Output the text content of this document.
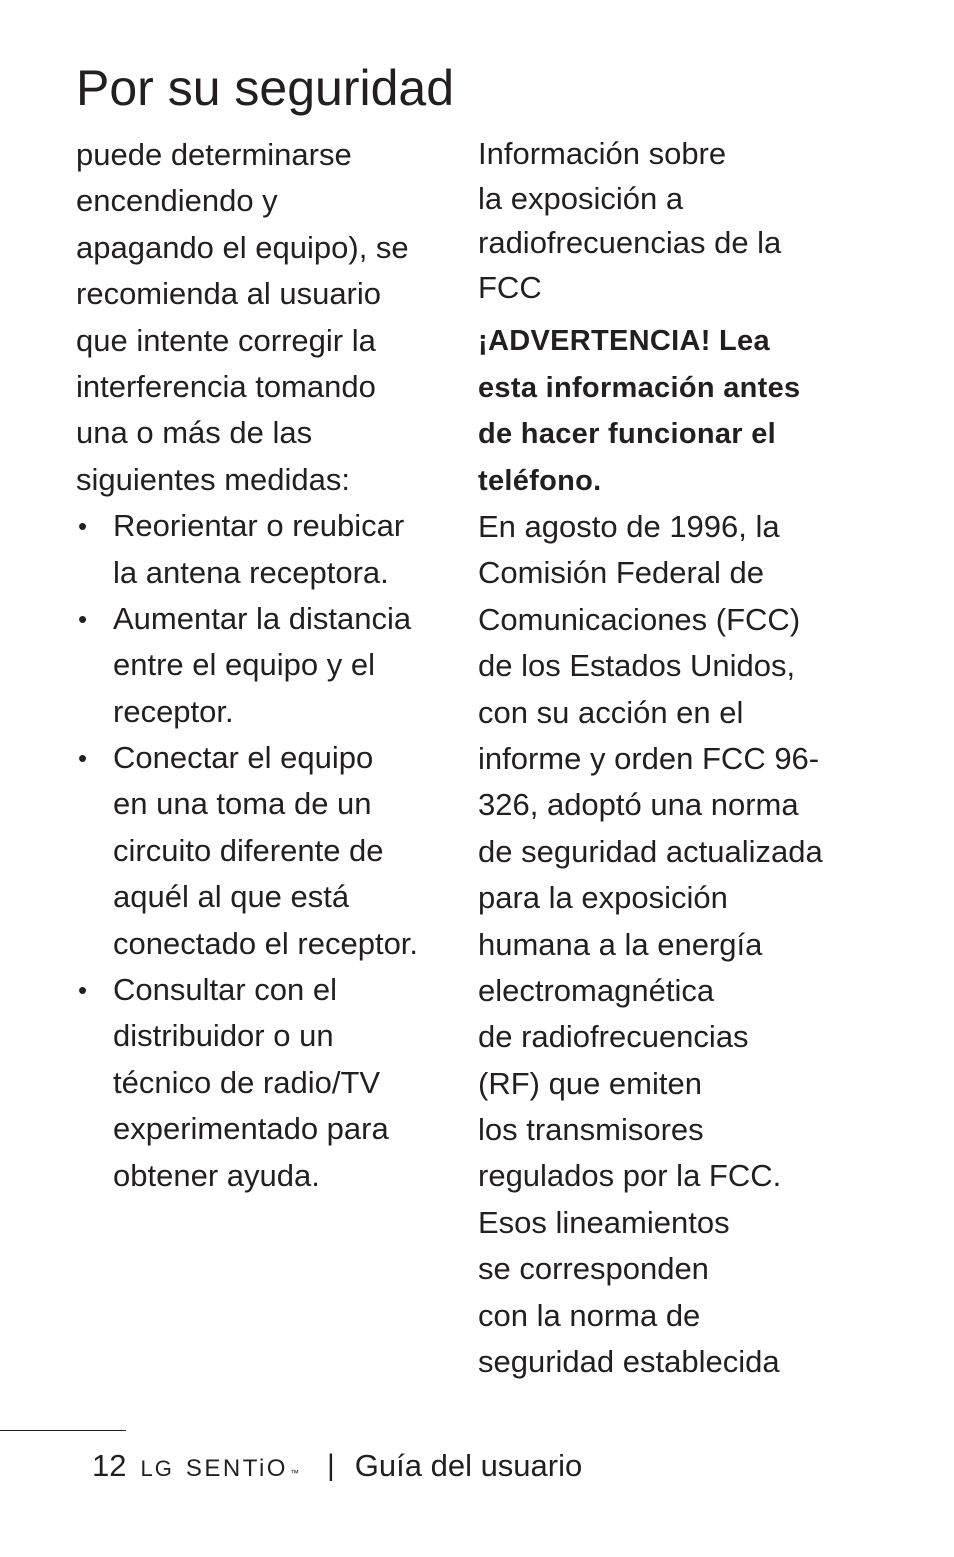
Por su seguridad
puede determinarse
encendiendo y
apagando el equipo), se
recomienda al usuario
que intente corregir la
interferencia tomando
una o más de las
siguientes medidas:
• Reorientar o reubicar
la antena receptora.
• Aumentar la distancia
entre el equipo y el
receptor.
• Conectar el equipo
en una toma de un
circuito diferente de
aquél al que está
conectado el receptor.
• Consultar con el
distribuidor o un
técnico de radio/TV
experimentado para
obtener ayuda.
Información sobre
la exposición a
radiofrecuencias de la
FCC
¡ADVERTENCIA! Lea
esta información antes
de hacer funcionar el
teléfono.
En agosto de 1996, la
Comisión Federal de
Comunicaciones (FCC)
de los Estados Unidos,
con su acción en el
informe y orden FCC 96-
326, adoptó una norma
de seguridad actualizada
para la exposición
humana a la energía
electromagnética
de radiofrecuencias
(RF) que emiten
los transmisores
regulados por la FCC.
Esos lineamientos
se corresponden
con la norma de
seguridad establecida
12 LG SENTiO ™ | Guía del usuario
